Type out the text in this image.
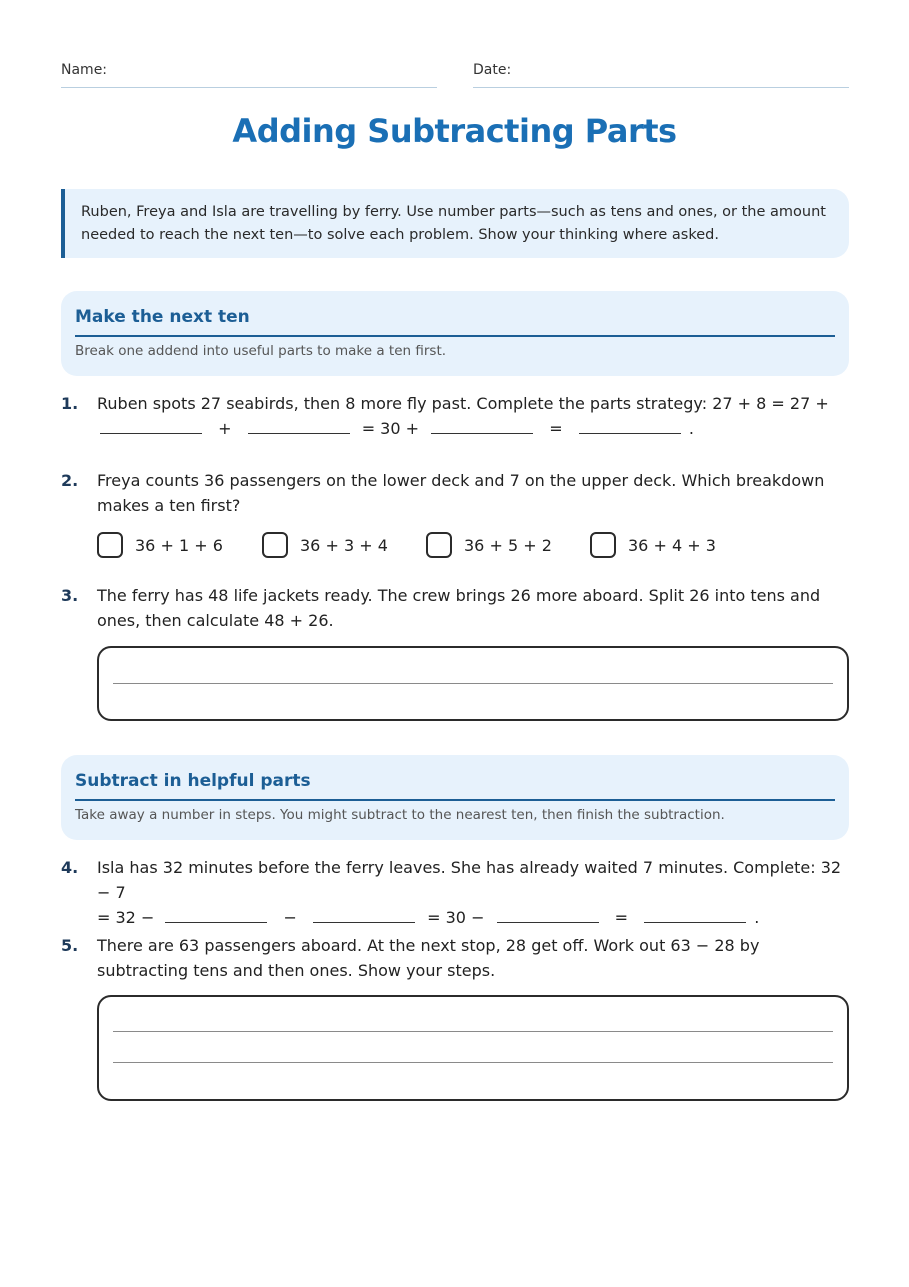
Name:	Date:
Adding Subtracting Parts
Ruben, Freya and Isla are travelling by ferry. Use number parts—such as tens and ones, or the amount needed to reach the next ten—to solve each problem. Show your thinking where asked.
Make the next ten
Break one addend into useful parts to make a ten first.
1. Ruben spots 27 seabirds, then 8 more fly past. Complete the parts strategy: 27 + 8 = 27 +
+	= 30 +	=	.
2. Freya counts 36 passengers on the lower deck and 7 on the upper deck. Which breakdown makes a ten first?
36 + 1 + 6	36 + 3 + 4	36 + 5 + 2	36 + 4 + 3
3. The ferry has 48 life jackets ready. The crew brings 26 more aboard. Split 26 into tens and ones, then calculate 48 + 26.
Subtract in helpful parts
Take away a number in steps. You might subtract to the nearest ten, then finish the subtraction.
4. Isla has 32 minutes before the ferry leaves. She has already waited 7 minutes. Complete: 32 − 7
= 32 −	−	= 30 −	=	.
5. There are 63 passengers aboard. At the next stop, 28 get off. Work out 63 − 28 by subtracting tens and then ones. Show your steps.
